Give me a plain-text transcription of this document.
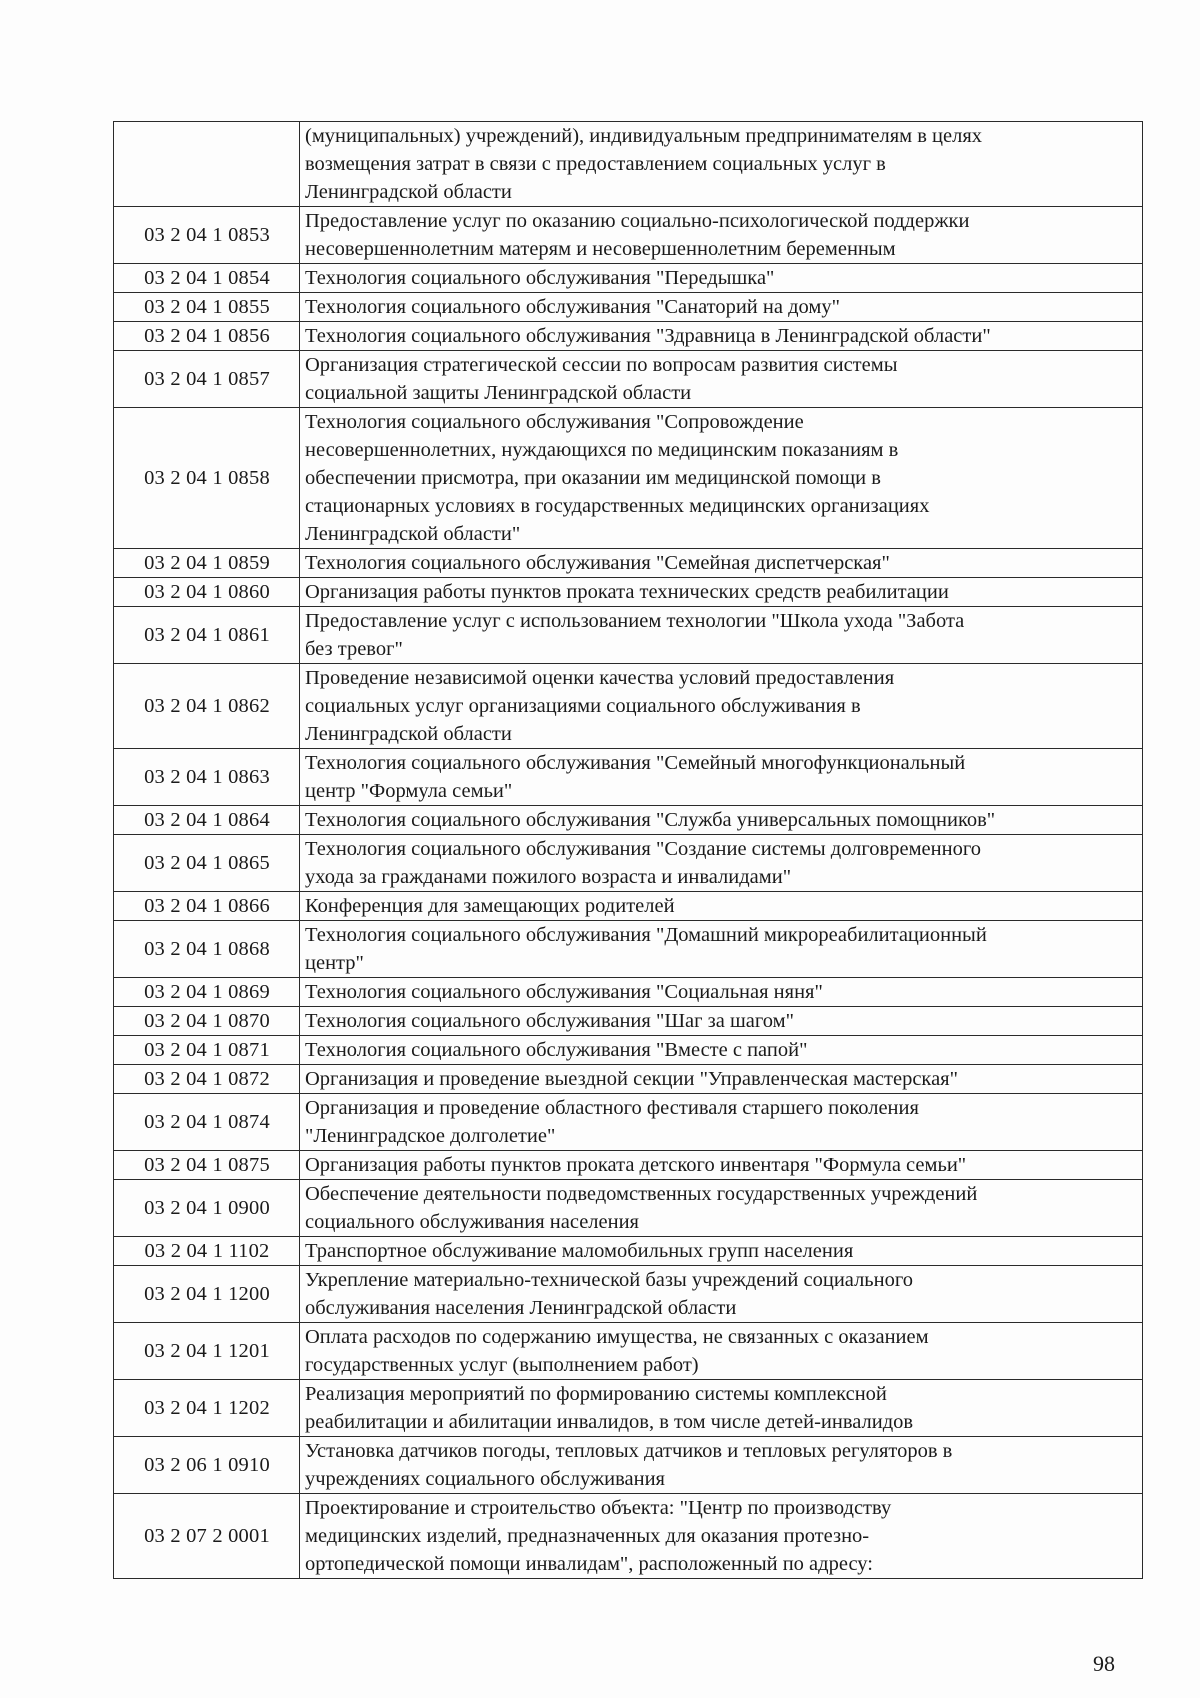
	(муниципальных) учреждений), индивидуальным предпринимателям в целях
возмещения затрат в связи с предоставлением социальных услуг в
Ленинградской области
03 2 04 1 0853	Предоставление услуг по оказанию социально-психологической поддержки
несовершеннолетним матерям и несовершеннолетним беременным
03 2 04 1 0854	Технология социального обслуживания "Передышка"
03 2 04 1 0855	Технология социального обслуживания "Санаторий на дому"
03 2 04 1 0856	Технология социального обслуживания "Здравница в Ленинградской области"
03 2 04 1 0857	Организация стратегической сессии по вопросам развития системы
социальной защиты Ленинградской области
03 2 04 1 0858	Технология социального обслуживания "Сопровождение
несовершеннолетних, нуждающихся по медицинским показаниям в
обеспечении присмотра, при оказании им медицинской помощи в
стационарных условиях в государственных медицинских организациях
Ленинградской области"
03 2 04 1 0859	Технология социального обслуживания "Семейная диспетчерская"
03 2 04 1 0860	Организация работы пунктов проката технических средств реабилитации
03 2 04 1 0861	Предоставление услуг с использованием технологии "Школа ухода "Забота
без тревог"
03 2 04 1 0862	Проведение независимой оценки качества условий предоставления
социальных услуг организациями социального обслуживания в
Ленинградской области
03 2 04 1 0863	Технология социального обслуживания "Семейный многофункциональный
центр "Формула семьи"
03 2 04 1 0864	Технология социального обслуживания "Служба универсальных помощников"
03 2 04 1 0865	Технология социального обслуживания "Создание системы долговременного
ухода за гражданами пожилого возраста и инвалидами"
03 2 04 1 0866	Конференция для замещающих родителей
03 2 04 1 0868	Технология социального обслуживания "Домашний микрореабилитационный
центр"
03 2 04 1 0869	Технология социального обслуживания "Социальная няня"
03 2 04 1 0870	Технология социального обслуживания "Шаг за шагом"
03 2 04 1 0871	Технология социального обслуживания "Вместе с папой"
03 2 04 1 0872	Организация и проведение выездной секции "Управленческая мастерская"
03 2 04 1 0874	Организация и проведение областного фестиваля старшего поколения
"Ленинградское долголетие"
03 2 04 1 0875	Организация работы пунктов проката детского инвентаря "Формула семьи"
03 2 04 1 0900	Обеспечение деятельности подведомственных государственных учреждений
социального обслуживания населения
03 2 04 1 1102	Транспортное обслуживание маломобильных групп населения
03 2 04 1 1200	Укрепление материально-технической базы учреждений социального
обслуживания населения Ленинградской области
03 2 04 1 1201	Оплата расходов по содержанию имущества, не связанных с оказанием
государственных услуг (выполнением работ)
03 2 04 1 1202	Реализация мероприятий по формированию системы комплексной
реабилитации и абилитации инвалидов, в том числе детей-инвалидов
03 2 06 1 0910	Установка датчиков погоды, тепловых датчиков и тепловых регуляторов в
учреждениях социального обслуживания
03 2 07 2 0001	Проектирование и строительство объекта: "Центр по производству
медицинских изделий, предназначенных для оказания протезно-
ортопедической помощи инвалидам", расположенный по адресу:
98
